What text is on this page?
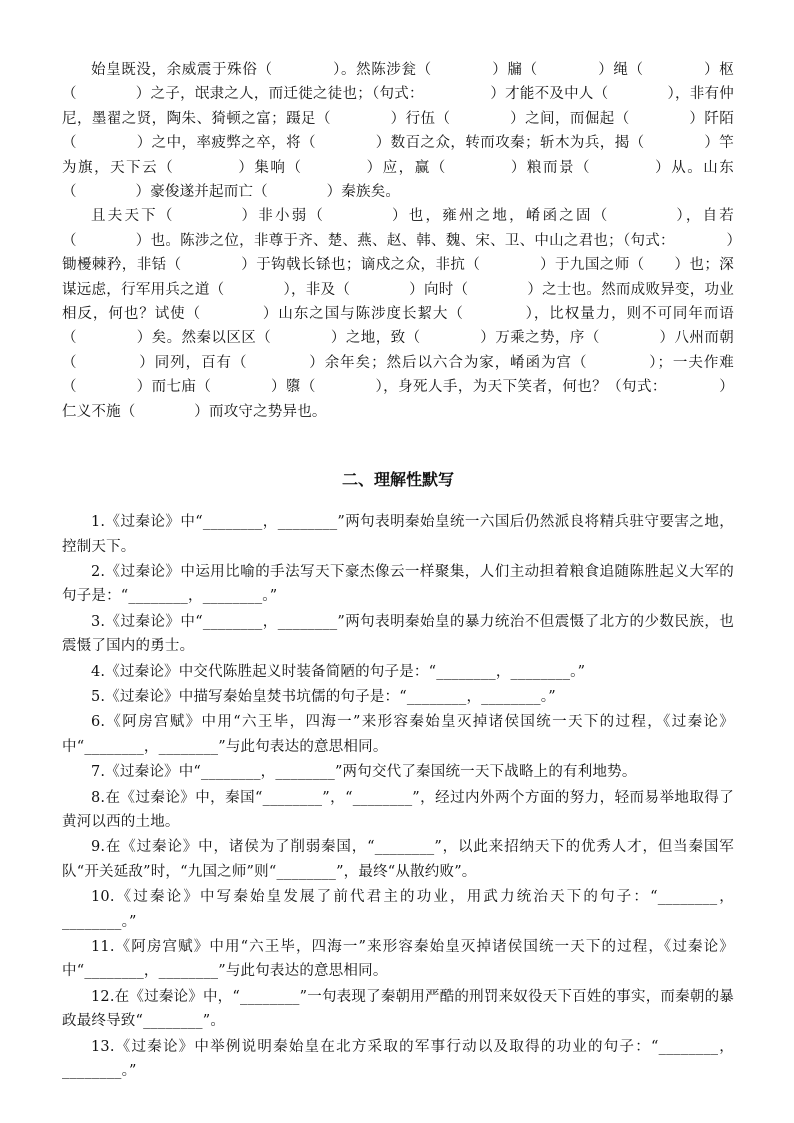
始皇既没，余威震于殊俗（　　　　）。然陈涉瓮（　　　　）牖（　　　　）绳（　　　　）枢（　　　　）之子，氓隶之人，而迁徙之徒也；（句式：　　　　　）才能不及中人（　　　　），非有仲尼，墨翟之贤，陶朱、猗顿之富；蹑足（　　　　）行伍（　　　　）之间，而倔起（　　　　）阡陌（　　　　）之中，率疲弊之卒，将（　　　　）数百之众，转而攻秦；斩木为兵，揭（　　　　）竿为旗，天下云（　　　　）集响（　　　　）应，赢（　　　　）粮而景（　　　　）从。山东（　　　　）豪俊遂并起而亡（　　　　）秦族矣。

且夫天下（　　　　）非小弱（　　　　）也，雍州之地，崤函之固（　　　　），自若（　　　　）也。陈涉之位，非尊于齐、楚、燕、赵、韩、魏、宋、卫、中山之君也；（句式：　　　　）锄櫌棘矜，非铦（　　　　）于钩戟长铩也；谪戍之众，非抗（　　　　）于九国之师（　　）也；深谋远虑，行军用兵之道（　　　　），非及（　　　　）向时（　　　　）之士也。然而成败异变，功业相反，何也？试使（　　　　）山东之国与陈涉度长絜大（　　　　），比权量力，则不可同年而语（　　　　）矣。然秦以区区（　　　　）之地，致（　　　　）万乘之势，序（　　　　）八州而朝（　　　　）同列，百有（　　　　）余年矣；然后以六合为家，崤函为宫（　　　　）；一夫作难（　　　　）而七庙（　　　　）隳（　　　　），身死人手，为天下笑者，何也？（句式：　　　　）仁义不施（　　　　）而攻守之势异也。

二、理解性默写
1.《过秦论》中“________，________”两句表明秦始皇统一六国后仍然派良将精兵驻守要害之地，控制天下。
2.《过秦论》中运用比喻的手法写天下豪杰像云一样聚集，人们主动担着粮食追随陈胜起义大军的句子是：“________，________。”
3.《过秦论》中“________，________”两句表明秦始皇的暴力统治不但震慑了北方的少数民族，也震慑了国内的勇士。
4.《过秦论》中交代陈胜起义时装备简陋的句子是：“________，________。”
5.《过秦论》中描写秦始皇焚书坑儒的句子是：“________，________。”
6.《阿房宫赋》中用“六王毕，四海一”来形容秦始皇灭掉诸侯国统一天下的过程，《过秦论》中“________，________”与此句表达的意思相同。
7.《过秦论》中“________，________”两句交代了秦国统一天下战略上的有利地势。
8.在《过秦论》中，秦国“________”，“________”，经过内外两个方面的努力，轻而易举地取得了黄河以西的土地。
9.在《过秦论》中，诸侯为了削弱秦国，“________”，以此来招纳天下的优秀人才，但当秦国军队“开关延敌”时，“九国之师”则“________”，最终“从散约败”。
10.《过秦论》中写秦始皇发展了前代君主的功业，用武力统治天下的句子：“________，________。”
11.《阿房宫赋》中用“六王毕，四海一”来形容秦始皇灭掉诸侯国统一天下的过程，《过秦论》中“________，________”与此句表达的意思相同。
12.在《过秦论》中，“________”一句表现了秦朝用严酷的刑罚来奴役天下百姓的事实，而秦朝的暴政最终导致“________”。
13.《过秦论》中举例说明秦始皇在北方采取的军事行动以及取得的功业的句子：“________，________。”
